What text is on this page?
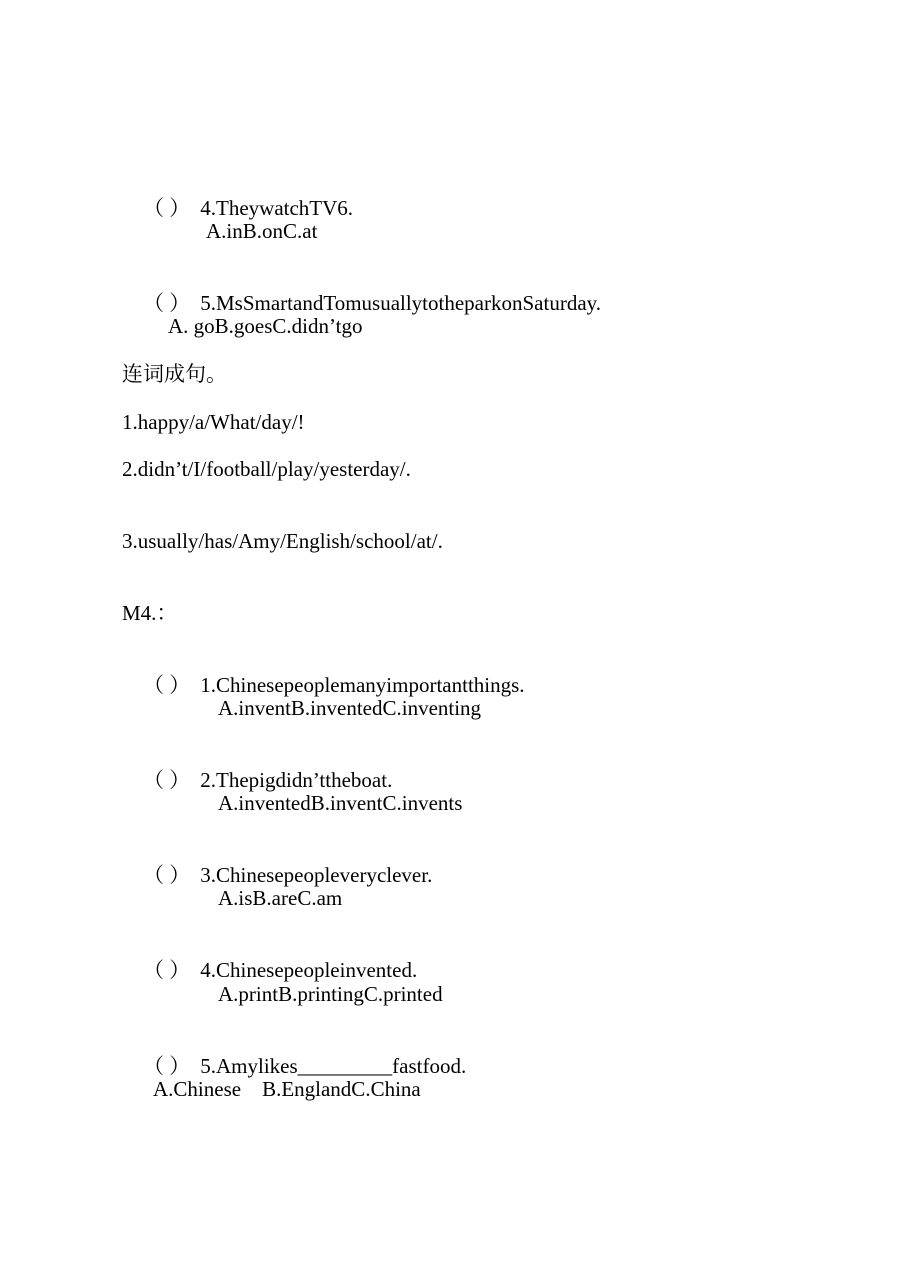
（ ） 4.TheywatchTV6.

A.inB.onC.at

（ ） 5.MsSmartandTomusuallytotheparkonSaturday.

A. goB.goesC.didn’tgo
连词成句。
1.happy/a/What/day/!
2.didn’t/I/football/play/yesterday/.
3.usually/has/Amy/English/school/at/.
M4.：

（ ） 1.Chinesepeoplemanyimportantthings.

A.inventB.inventedC.inventing

（ ） 2.Thepigdidn’ttheboat.

A.inventedB.inventC.invents

（ ） 3.Chinesepeopleveryclever.

A.isB.areC.am

（ ） 4.Chinesepeopleinvented.

A.printB.printingC.printed

（ ） 5.Amylikes_________fastfood.

A.Chinese    B.EnglandC.China
